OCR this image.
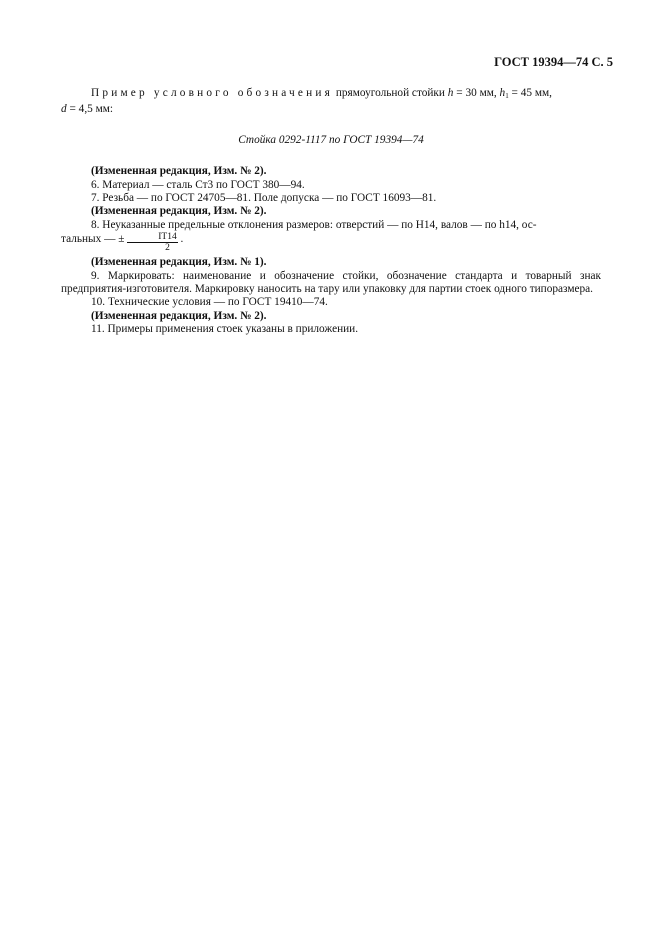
ГОСТ 19394—74 С. 5

Пример условного обозначения прямоугольной стойки h = 30 мм, $h_1 = 45$ мм,
d = 4,5 мм:

Стойка 0292-1117 по ГОСТ 19394—74

(Измененная редакция, Изм. № 2).

6. Материал — сталь Ст3 по ГОСТ 380—94.

7. Резьба — по ГОСТ 24705—81. Поле допуска — по ГОСТ 16093—81.

(Измененная редакция, Изм. № 2).

8. Неуказанные предельные отклонения размеров: отверстий — по Н14, валов — по h14, ос-
тальных — ± $\frac{IT14}{2}$ .

(Измененная редакция, Изм. № 1).

9. Маркировать: наименование и обозначение стойки, обозначение стандарта и товарный знак предприятия-изготовителя. Маркировку наносить на тару или упаковку для партии стоек одного типоразмера.

10. Технические условия — по ГОСТ 19410—74.

(Измененная редакция, Изм. № 2).

11. Примеры применения стоек указаны в приложении.
